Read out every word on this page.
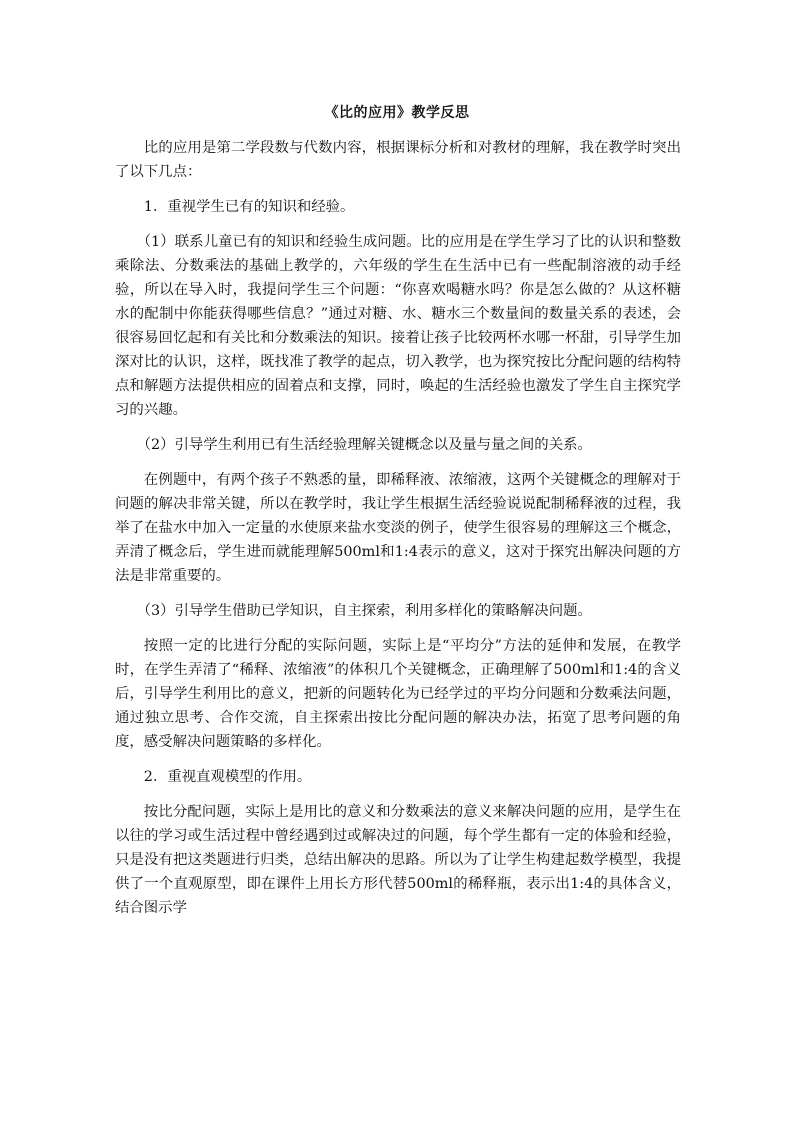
《比的应用》教学反思

比的应用是第二学段数与代数内容，根据课标分析和对教材的理解，我在教学时突出了以下几点：

1．重视学生已有的知识和经验。

（1）联系儿童已有的知识和经验生成问题。比的应用是在学生学习了比的认识和整数乘除法、分数乘法的基础上教学的，六年级的学生在生活中已有一些配制溶液的动手经验，所以在导入时，我提问学生三个问题：“你喜欢喝糖水吗？你是怎么做的？从这杯糖水的配制中你能获得哪些信息？”通过对糖、水、糖水三个数量间的数量关系的表述，会很容易回忆起和有关比和分数乘法的知识。接着让孩子比较两杯水哪一杯甜，引导学生加深对比的认识，这样，既找准了教学的起点，切入教学，也为探究按比分配问题的结构特点和解题方法提供相应的固着点和支撑，同时，唤起的生活经验也激发了学生自主探究学习的兴趣。

（2）引导学生利用已有生活经验理解关键概念以及量与量之间的关系。

在例题中，有两个孩子不熟悉的量，即稀释液、浓缩液，这两个关键概念的理解对于问题的解决非常关键，所以在教学时，我让学生根据生活经验说说配制稀释液的过程，我举了在盐水中加入一定量的水使原来盐水变淡的例子，使学生很容易的理解这三个概念，弄清了概念后，学生进而就能理解500ml和1:4表示的意义，这对于探究出解决问题的方法是非常重要的。

（3）引导学生借助已学知识，自主探索，利用多样化的策略解决问题。

按照一定的比进行分配的实际问题，实际上是“平均分”方法的延伸和发展，在教学时，在学生弄清了“稀释、浓缩液”的体积几个关键概念，正确理解了500ml和1:4的含义后，引导学生利用比的意义，把新的问题转化为已经学过的平均分问题和分数乘法问题，通过独立思考、合作交流，自主探索出按比分配问题的解决办法，拓宽了思考问题的角度，感受解决问题策略的多样化。

2．重视直观模型的作用。

按比分配问题，实际上是用比的意义和分数乘法的意义来解决问题的应用，是学生在以往的学习或生活过程中曾经遇到过或解决过的问题，每个学生都有一定的体验和经验，只是没有把这类题进行归类，总结出解决的思路。所以为了让学生构建起数学模型，我提供了一个直观原型，即在课件上用长方形代替500ml的稀释瓶，表示出1:4的具体含义，结合图示学
